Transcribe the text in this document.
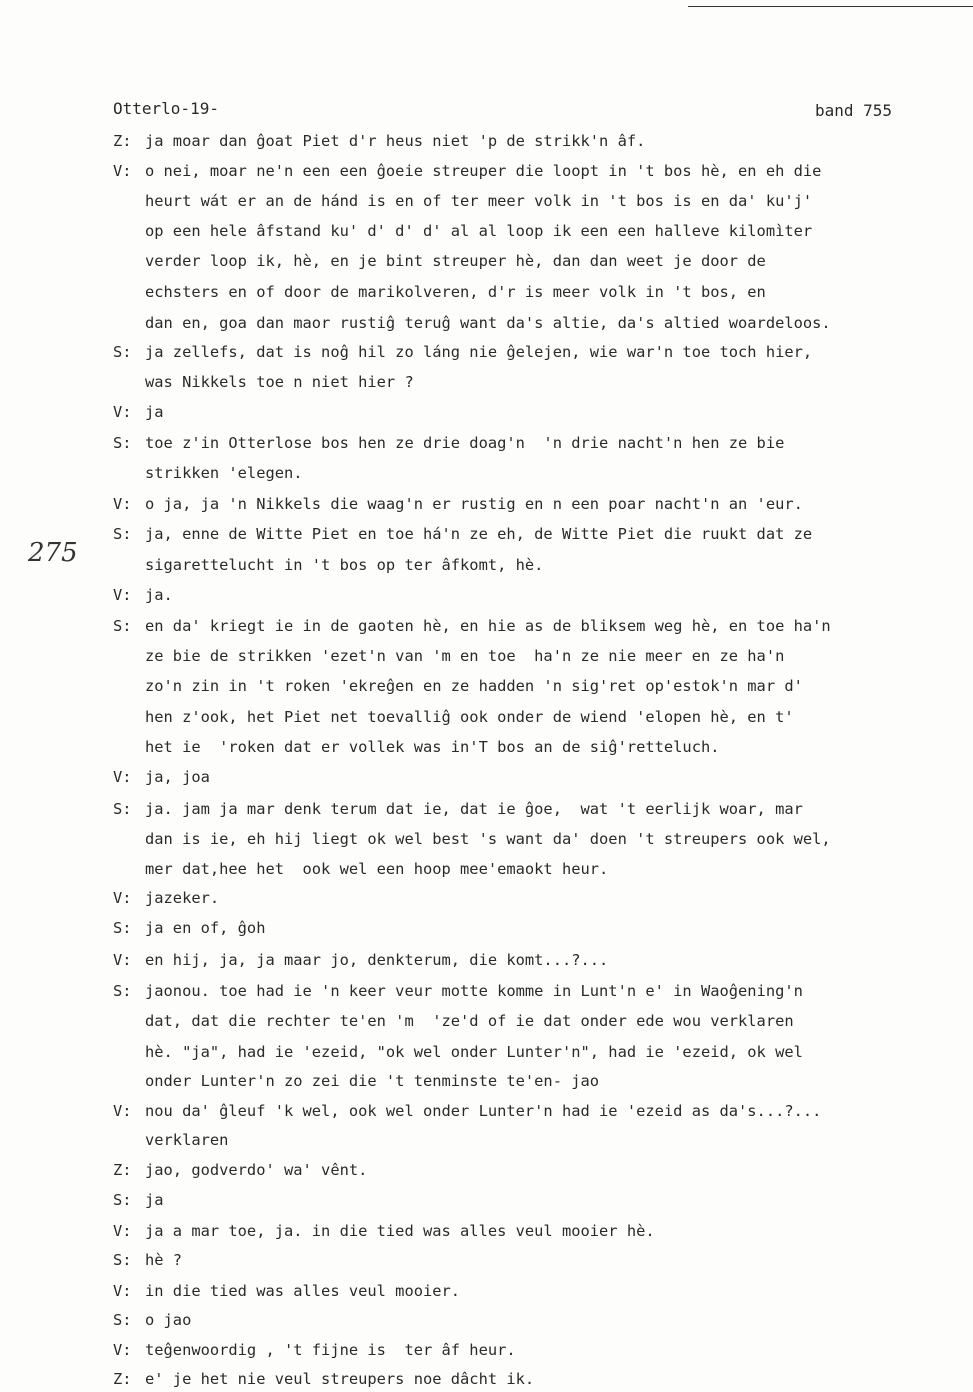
Otterlo-19-	band 755
275
Z: ja moar dan ĝoat Piet d'r heus niet 'p de strikk'n âf.
V: o nei, moar ne'n een een ĝoeie streuper die loopt in 't bos hè, en eh die
heurt wát er an de hánd is en of ter meer volk in 't bos is en da' ku'j'
op een hele âfstand ku' d' d' d' al al loop ik een een halleve kilomìter
verder loop ik, hè, en je bint streuper hè, dan dan weet je door de
echsters en of door de marikolveren, d'r is meer volk in 't bos, en
dan en, goa dan maor rustiĝ teruĝ want da's altie, da's altied woardeloos.
S: ja zellefs, dat is noĝ hil zo láng nie ĝelejen, wie war'n toe toch hier,
was Nikkels toe n niet hier ?
V: ja
S: toe z'in Otterlose bos hen ze drie doag'n  'n drie nacht'n hen ze bie
strikken 'elegen.
V: o ja, ja 'n Nikkels die waag'n er rustig en n een poar nacht'n an 'eur.
S: ja, enne de Witte Piet en toe há'n ze eh, de Witte Piet die ruukt dat ze
sigaretteluсht in 't bos op ter âfkomt, hè.
V: ja.
S: en da' kriegt ie in de gaoten hè, en hie as de bliksem weg hè, en toe ha'n
ze bie de strikken 'ezet'n van 'm en toe  ha'n ze nie meer en ze ha'n
zo'n zin in 't roken 'ekreĝen en ze hadden 'n sig'ret op'estok'n mar d'
hen z'ook, het Piet net toevalliĝ ook onder de wiend 'elopen hè, en t'
het ie  'roken dat er vollek was in'T bos an de siĝ'retteluch.
V: ja, joa
S: ja. jam ja mar denk terum dat ie, dat ie ĝoe,  wat 't eerlijk woar, mar
dan is ie, eh hij liegt ok wel best 's want da' doen 't streupers ook wel,
mer dat,hee het  ook wel een hoop mee'emaokt heur.
V: jazeker.
S: ja en of, ĝoh
V: en hij, ja, ja maar jo, denkterum, die komt...?...
S: jaonou. toe had ie 'n keer veur motte komme in Lunt'n e' in Waoĝening'n
dat, dat die rechter te'en 'm  'ze'd of ie dat onder ede wou verklaren
hè. "ja", had ie 'ezeid, "ok wel onder Lunter'n", had ie 'ezeid, ok wel
onder Lunter'n zo zei die 't tenminste te'en- jao
V: nou da' ĝleuf 'k wel, ook wel onder Lunter'n had ie 'ezeid as da's...?...
verklaren
Z: jao, godverdo' wa' vênt.
S: ja
V: ja a mar toe, ja. in die tied was alles veul mooier hè.
S: hè ?
V: in die tied was alles veul mooier.
S: o jao
V: teĝenwoordig , 't fijne is  ter âf heur.
Z: e' je het nie veul streupers noe dâcht ik.
